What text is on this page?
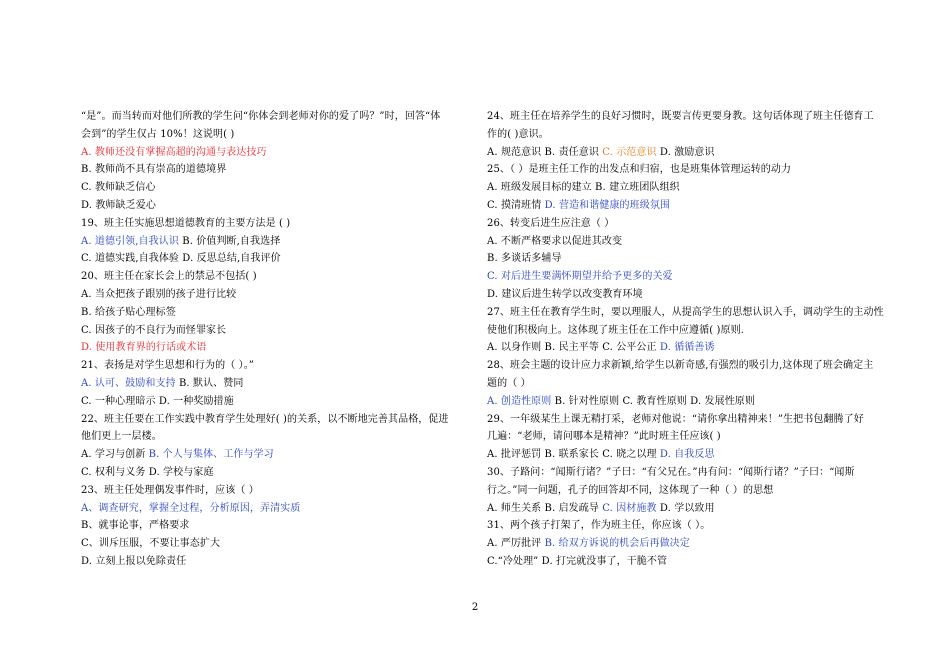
“是”。而当转而对他们所教的学生问“你体会到老师对你的爱了吗？”时，回答“体
会到”的学生仅占 10%！这说明( )
A. 教师还没有掌握高超的沟通与表达技巧
B. 教师尚不具有崇高的道德境界
C. 教师缺乏信心
D. 教师缺乏爱心
19、班主任实施思想道德教育的主要方法是 ( )
A. 道德引领,自我认识 B. 价值判断,自我选择
C. 道德实践,自我体验 D. 反思总结,自我评价
20、班主任在家长会上的禁忌不包括( )
A. 当众把孩子跟别的孩子进行比较
B. 给孩子贴心理标签
C. 因孩子的不良行为而怪罪家长
D. 使用教育界的行话或术语
21、表扬是对学生思想和行为的（ ）。”
A. 认可、鼓励和支持 B. 默认、赞同
C. 一种心理暗示 D. 一种奖励措施
22、班主任要在工作实践中教育学生处理好( )的关系，以不断地完善其品格，促进
他们更上一层楼。
A. 学习与创新 B. 个人与集体、工作与学习
C. 权利与义务 D. 学校与家庭
23、班主任处理偶发事件时，应该（ ）
A、调查研究，掌握全过程，分析原因，弄清实质
B、就事论事，严格要求
C、训斥压服，不要让事态扩大
D. 立刻上报以免除责任
24、班主任在培养学生的良好习惯时，既要言传更要身教。这句话体现了班主任德育工
作的( )意识。
A. 规范意识 B. 责任意识 C. 示范意识 D. 激励意识
25、（ ）是班主任工作的出发点和归宿，也是班集体管理运转的动力
A. 班级发展目标的建立 B. 建立班团队组织
C. 摸清班情 D. 营造和谐健康的班级氛围
26、转变后进生应注意（ ）
A. 不断严格要求以促进其改变
B. 多谈话多辅导
C. 对后进生要满怀期望并给予更多的关爱
D. 建议后进生转学以改变教育环境
27、班主任在教育学生时，要以理服人，从提高学生的思想认识入手，调动学生的主动性
使他们积极向上。这体现了班主任在工作中应遵循( )原则.
A. 以身作则 B. 民主平等 C. 公平公正 D. 循循善诱
28、班会主题的设计应力求新颖,给学生以新奇感,有强烈的吸引力,这体现了班会确定主
题的（ ）
A. 创造性原则 B. 针对性原则 C. 教育性原则 D. 发展性原则
29、一年级某生上课无精打采，老师对他说：“请你拿出精神来！”生把书包翻腾了好
几遍：“老师，请问哪本是精神？”此时班主任应该( )
A. 批评惩罚 B. 联系家长 C. 晓之以理 D. 自我反思
30、子路问：“闻斯行诸？”子曰：“有父兄在。”冉有问：“闻斯行诸？”子曰：“闻斯
行之。”同一问题，孔子的回答却不同，这体现了一种（ ）的思想
A. 师生关系 B. 启发疏导 C. 因材施教 D. 学以致用
31、两个孩子打架了，作为班主任，你应该（ ）。
A. 严厉批评 B. 给双方诉说的机会后再做决定
C.“冷处理” D. 打完就没事了，干脆不管
2
